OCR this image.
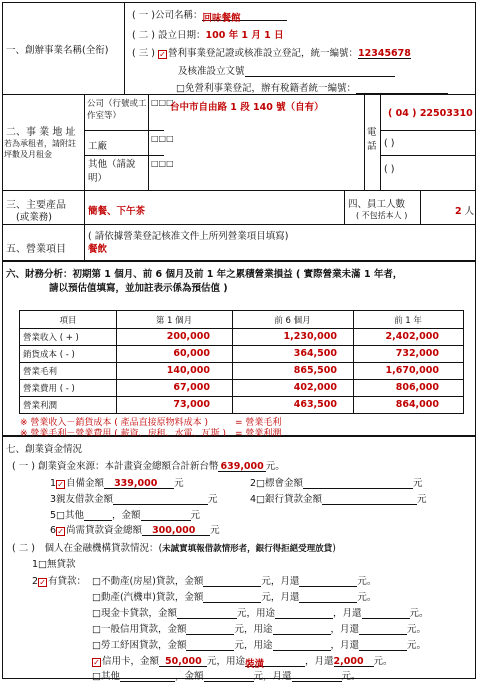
一、創辦事業名稱(全衔)
( 一 )公司名稱：回味餐館
( 二 ) 設立日期：100 年 1 月 1 日
( 三 ) ✓ 營利事業登記證或核准設立登記，統一編號：12345678
及核准設立文號
□免營利事業登記，辦有稅籍者統一編號：
二、事 業 地 址
若為承租者，請附註坪數及月租金
公司（行號或工作室等）
□□□
台中市自由路 1 段 140 號（自有）
工廠
□□□
其他（請說明）
□□□
電話
( 04 ) 22503310
( )
( )
三、主要產品
(或業務)
簡餐、下午茶
四、員工人數
( 不包括本人 )	2 人
五、營業項目
( 請依據營業登記核准文件上所列營業項目填寫)
餐飲
六、財務分析：初期第 1 個月、前 6 個月及前 1 年之累積營業損益 ( 實際營業未滿 1 年者，
請以預估值填寫，並加註表示係為預估值 )
項目	第 1 個月	前 6 個月	前 1 年
營業收入 ( + )	200,000	1,230,000	2,402,000
銷貨成本 ( - )	60,000	364,500	732,000
營業毛利	140,000	865,500	1,670,000
營業費用 ( - )	67,000	402,000	806,000
營業利潤	73,000	463,500	864,000
※ 營業收入－銷貨成本 ( 產品直接原物料成本 )　　　= 營業毛利
※ 營業毛利－營業費用 ( 薪資、房租、水電、瓦斯 )　= 營業利潤
七、創業資金情況
( 一 ) 創業資金來源：本計畫資金總額合計新台幣 639,000 元。
1✓ 自備金額 339,000 元	2□標會金額	元
3親友借款金額	元	4□銀行貸款金額	元
5□其他	，金額	元
6✓ 尚需貸款資金總額 300,000 元
( 二 )　個人在金融機構貸款情況：(未誠實填報借款情形者，銀行得拒絕受理放貸)
1□無貸款
2✓ 有貸款： □不動產(房屋)貸款，金額	元，月還	元。
□動產(汽機車)貸款，金額	元，月還	元。
□現金卡貸款，金額	元，用途	，月還	元。
□一般信用貸款，金額	元，用途	，月還	元。
□勞工紓困貸款，金額	元，用途	，月還	元。
✓ 信用卡，金額 50,000 元，用途裝潢	，月還2,000 元。
□其他	，金額	元，月還	元。
